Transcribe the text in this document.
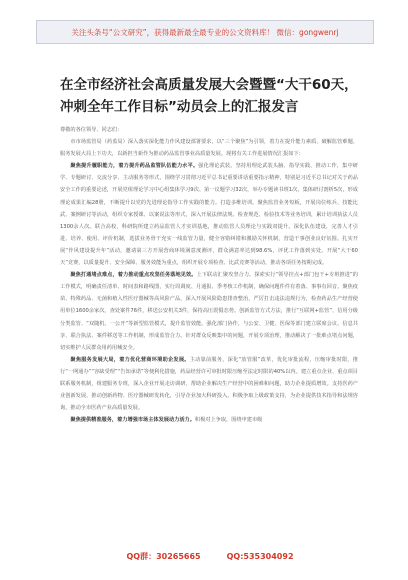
关注头条号“公文研究”，获得最新最全最专业的公文资料库！ 微信：gongwenrj
在全市经济社会高质量发展大会暨暨“大干60天，冲刺全年工作目标”动员会上的汇报发言

尊敬的各位领导、同志们：

市市场监管局（药监局）深入落实深化能力作风建设部署要求，以“三个聚焦”为引领，着力在提升能力素质、破解监管难题、服务发展大局上下功夫，以新担当新作为推动药品监管事业高质量发展。现将有关工作进展情况汇报如下：

聚焦提升履职能力，着力提升药品监管队伍能力水平。强化理论武装。坚持用理论武装头脑、指导实践、推动工作，集中研学、专题研讨、交流分享、主动服务等形式，围绕学习贯彻习近平总书记重要讲话重要指示精神，特别是习近平总书记对关于药品安全工作的重要论述，开展党组理论学习中心组集体学习9次、第一议题学习32次，举办专题读书班1次，集体研讨剖析5次，形成理论成果汇编28册，不断提升以党的先进理论指导工作实践的能力。打造多维培训。聚焦监管业务短板，开展岗位练兵、技能比武、案例研讨等活动，组织专家授课、以案说法等形式，深入开展法律法规、检查规范、检验技术等业务培训，累计培训执法人员1300余人次。联合高校、科研院所建立药品监管人才实训基地，推动监管人员理论与实践双提升。深化队伍建设，完善人才引进、培养、使用、评价机制，选拔业务骨干充实一线监管力量，健全容错纠错和激励关怀机制，营造干事创业良好氛围。扎实开展“作风建设提升年”活动，邀请第三方开展营商环境满意度测评，群众满意率达到98.6%，评优工作落到实处。开展“大干60天”竞赛，以质量提升、安全保障、服务效能为重点，组织开展专项检查、比武竞赛等活动，推动各项任务按期完成。

聚焦打通堵点难点，着力推动重点攻坚任务落地见效。上下联动汇聚攻坚合力。探索实行“领导挂点+部门包干+专班推进”的工作模式，明确责任清单、时间表和路线图，实行周调度、月通报、季考核工作机制，确保问题件件有着落、事事有回音。聚焦疫苗、特殊药品、无菌和植入性医疗器械等高风险产品，深入开展风险隐患排查整治，严厉打击违法违规行为，检查药品生产经营使用单位1600余家次，查处案件76件，移送公安机关3件，保持高压震慑态势。创新监管方式方法，推行“互联网+监管”、信用分级分类监管、“双随机、一公开”等新型监管模式，提升监管效能。强化部门协作，与公安、卫健、医保等部门建立联席会议、信息共享、联合执法、案件移送等工作机制，形成监管合力。针对群众反映集中的问题，开展专项治理，推动解决了一批难点堵点问题，切实维护人民群众用药用械安全。

聚焦服务发展大局，着力优化营商环境助企发展。主动靠前服务，深化“放管服”改革，优化审批流程，压缩审批时限，推行“一网通办”“容缺受理”“告知承诺”等便利化措施，药品经营许可审批时限压缩至法定时限的40%以内。建立重点企业、重点项目联系服务机制，组建服务专班，深入企业开展走访调研，帮助企业解决生产经营中的困难和问题，助力企业提质增效。支持医药产业创新发展，推动创新药物、医疗器械研发转化，引导企业加大科研投入，积极争取上级政策支持，为企业提供技术指导和法规咨询，推动全市医药产业高质量发展。

聚焦提供精准服务，着力增强市场主体发展动力活力。积极对上争取，围绕申建市级

QQ群：30265665	QQ:535304092
